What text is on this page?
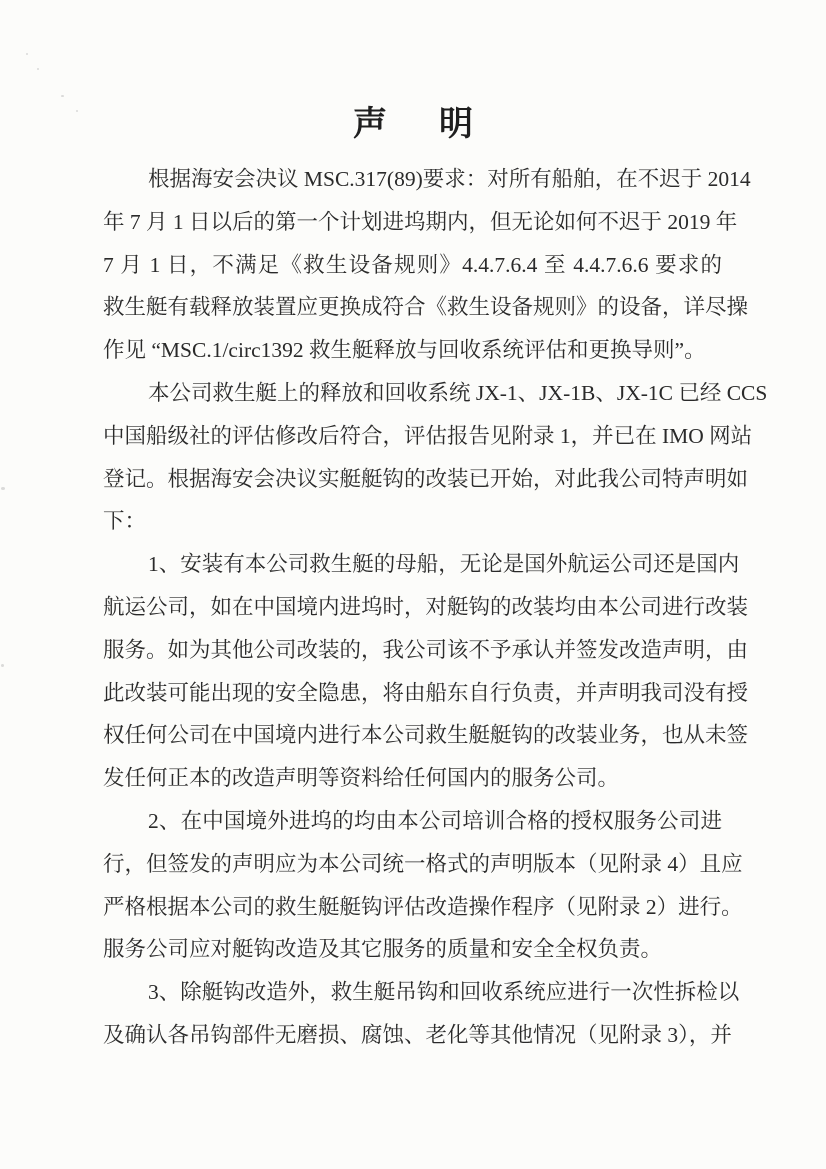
声明
根据海安会决议 MSC.317(89)要求：对所有船舶，在不迟于 2014
年 7 月 1 日以后的第一个计划进坞期内，但无论如何不迟于 2019 年
7 月 1 日，不满足《救生设备规则》4.4.7.6.4 至 4.4.7.6.6 要求的
救生艇有载释放装置应更换成符合《救生设备规则》的设备，详尽操
作见 “MSC.1/circ1392 救生艇释放与回收系统评估和更换导则”。
本公司救生艇上的释放和回收系统 JX-1、JX-1B、JX-1C 已经 CCS
中国船级社的评估修改后符合，评估报告见附录 1，并已在 IMO 网站
登记。根据海安会决议实艇艇钩的改装已开始，对此我公司特声明如
下：
1、安装有本公司救生艇的母船，无论是国外航运公司还是国内
航运公司，如在中国境内进坞时，对艇钩的改装均由本公司进行改装
服务。如为其他公司改装的，我公司该不予承认并签发改造声明，由
此改装可能出现的安全隐患，将由船东自行负责，并声明我司没有授
权任何公司在中国境内进行本公司救生艇艇钩的改装业务，也从未签
发任何正本的改造声明等资料给任何国内的服务公司。
2、在中国境外进坞的均由本公司培训合格的授权服务公司进
行，但签发的声明应为本公司统一格式的声明版本（见附录 4）且应
严格根据本公司的救生艇艇钩评估改造操作程序（见附录 2）进行。
服务公司应对艇钩改造及其它服务的质量和安全全权负责。
3、除艇钩改造外，救生艇吊钩和回收系统应进行一次性拆检以
及确认各吊钩部件无磨损、腐蚀、老化等其他情况（见附录 3），并
